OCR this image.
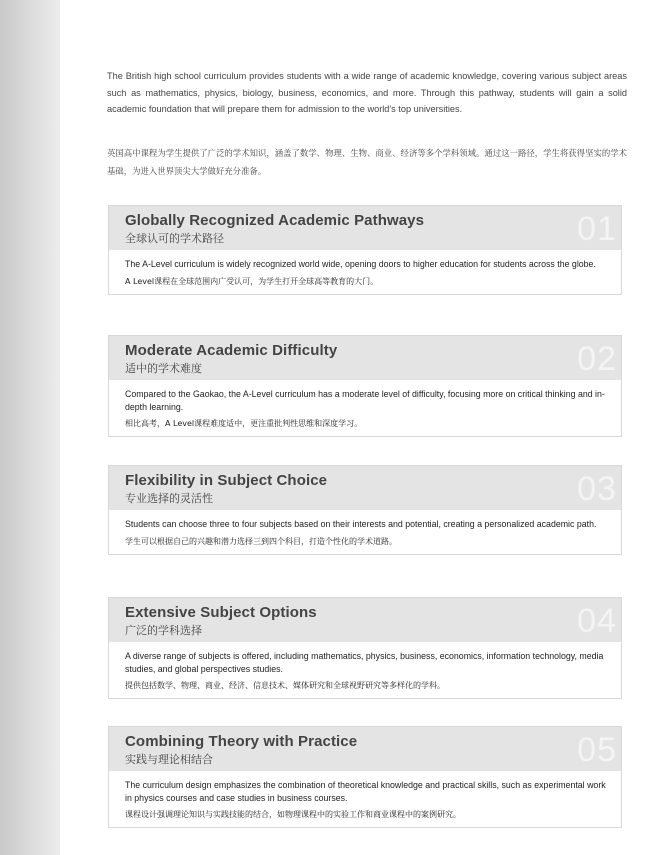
The British high school curriculum provides students with a wide range of academic knowledge, covering various subject areas such as mathematics, physics, biology, business, economics, and more. Through this pathway, students will gain a solid academic foundation that will prepare them for admission to the world's top universities.

英国高中课程为学生提供了广泛的学术知识，涵盖了数学、物理、生物、商业、经济等多个学科领域。通过这一路径，学生将获得坚实的学术基础，为进入世界顶尖大学做好充分准备。

Globally Recognized Academic Pathways
全球认可的学术路径	01

The A-Level curriculum is widely recognized world wide, opening doors to higher education for students across the globe.

A Level课程在全球范围内广受认可，为学生打开全球高等教育的大门。

Moderate Academic Difficulty
适中的学术难度	02

Compared to the Gaokao, the A-Level curriculum has a moderate level of difficulty, focusing more on critical thinking and in-depth learning.

相比高考，A Level课程难度适中，更注重批判性思维和深度学习。

Flexibility in Subject Choice
专业选择的灵活性	03

Students can choose three to four subjects based on their interests and potential, creating a personalized academic path.

学生可以根据自己的兴趣和潜力选择三到四个科目，打造个性化的学术道路。

Extensive Subject Options
广泛的学科选择	04

A diverse range of subjects is offered, including mathematics, physics, business, economics, information technology, media studies, and global perspectives studies.

提供包括数学、物理、商业、经济、信息技术、媒体研究和全球视野研究等多样化的学科。

Combining Theory with Practice
实践与理论相结合	05

The curriculum design emphasizes the combination of theoretical knowledge and practical skills, such as experimental work in physics courses and case studies in business courses.

课程设计强调理论知识与实践技能的结合，如物理课程中的实验工作和商业课程中的案例研究。
